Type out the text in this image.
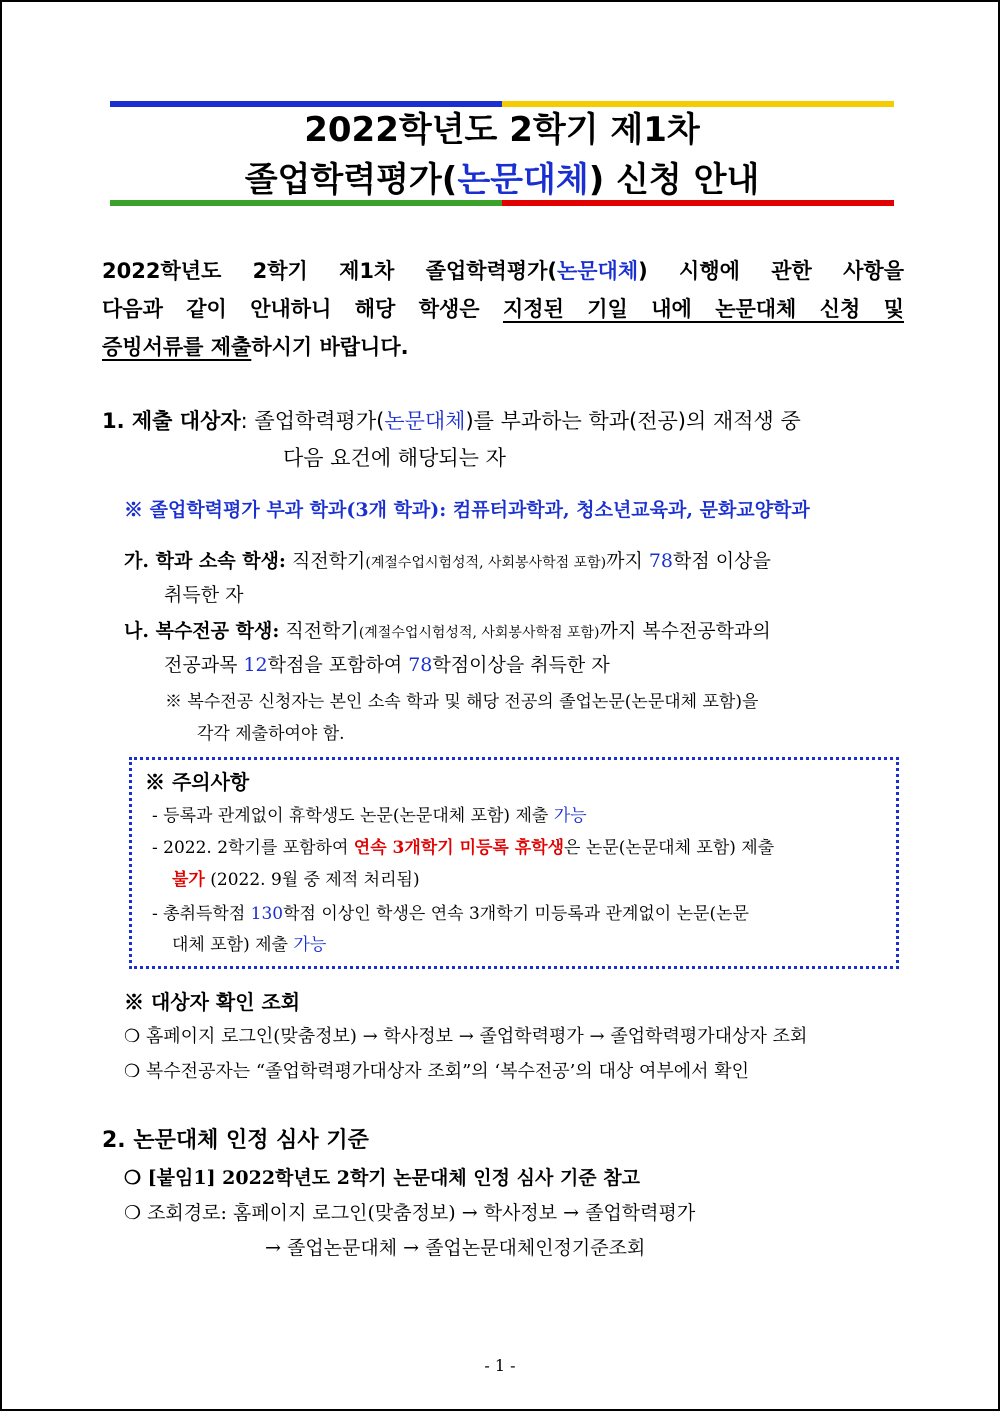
2022학년도 2학기 제1차
졸업학력평가(논문대체) 신청 안내
2022학년도 2학기 제1차 졸업학력평가(논문대체) 시행에 관한 사항을
다음과 같이 안내하니 해당 학생은 지정된 기일 내에 논문대체 신청 및
증빙서류를 제출하시기 바랍니다.
1. 제출 대상자: 졸업학력평가(논문대체)를 부과하는 학과(전공)의 재적생 중
다음 요건에 해당되는 자
※ 졸업학력평가 부과 학과(3개 학과): 컴퓨터과학과, 청소년교육과, 문화교양학과
가. 학과 소속 학생: 직전학기(계절수업시험성적, 사회봉사학점 포함)까지 78학점 이상을
취득한 자
나. 복수전공 학생: 직전학기(계절수업시험성적, 사회봉사학점 포함)까지 복수전공학과의
전공과목 12학점을 포함하여 78학점이상을 취득한 자
※ 복수전공 신청자는 본인 소속 학과 및 해당 전공의 졸업논문(논문대체 포함)을
각각 제출하여야 함.
※ 주의사항
- 등록과 관계없이 휴학생도 논문(논문대체 포함) 제출 가능
- 2022. 2학기를 포함하여 연속 3개학기 미등록 휴학생은 논문(논문대체 포함) 제출
불가 (2022. 9월 중 제적 처리됨)
- 총취득학점 130학점 이상인 학생은 연속 3개학기 미등록과 관계없이 논문(논문
대체 포함) 제출 가능
※ 대상자 확인 조회
❍ 홈페이지 로그인(맞춤정보) → 학사정보 → 졸업학력평가 → 졸업학력평가대상자 조회
❍ 복수전공자는 “졸업학력평가대상자 조회”의 ‘복수전공’의 대상 여부에서 확인
2. 논문대체 인정 심사 기준
❍ [붙임1] 2022학년도 2학기 논문대체 인정 심사 기준 참고
❍ 조회경로: 홈페이지 로그인(맞춤정보) → 학사정보 → 졸업학력평가
→ 졸업논문대체 → 졸업논문대체인정기준조회
- 1 -
